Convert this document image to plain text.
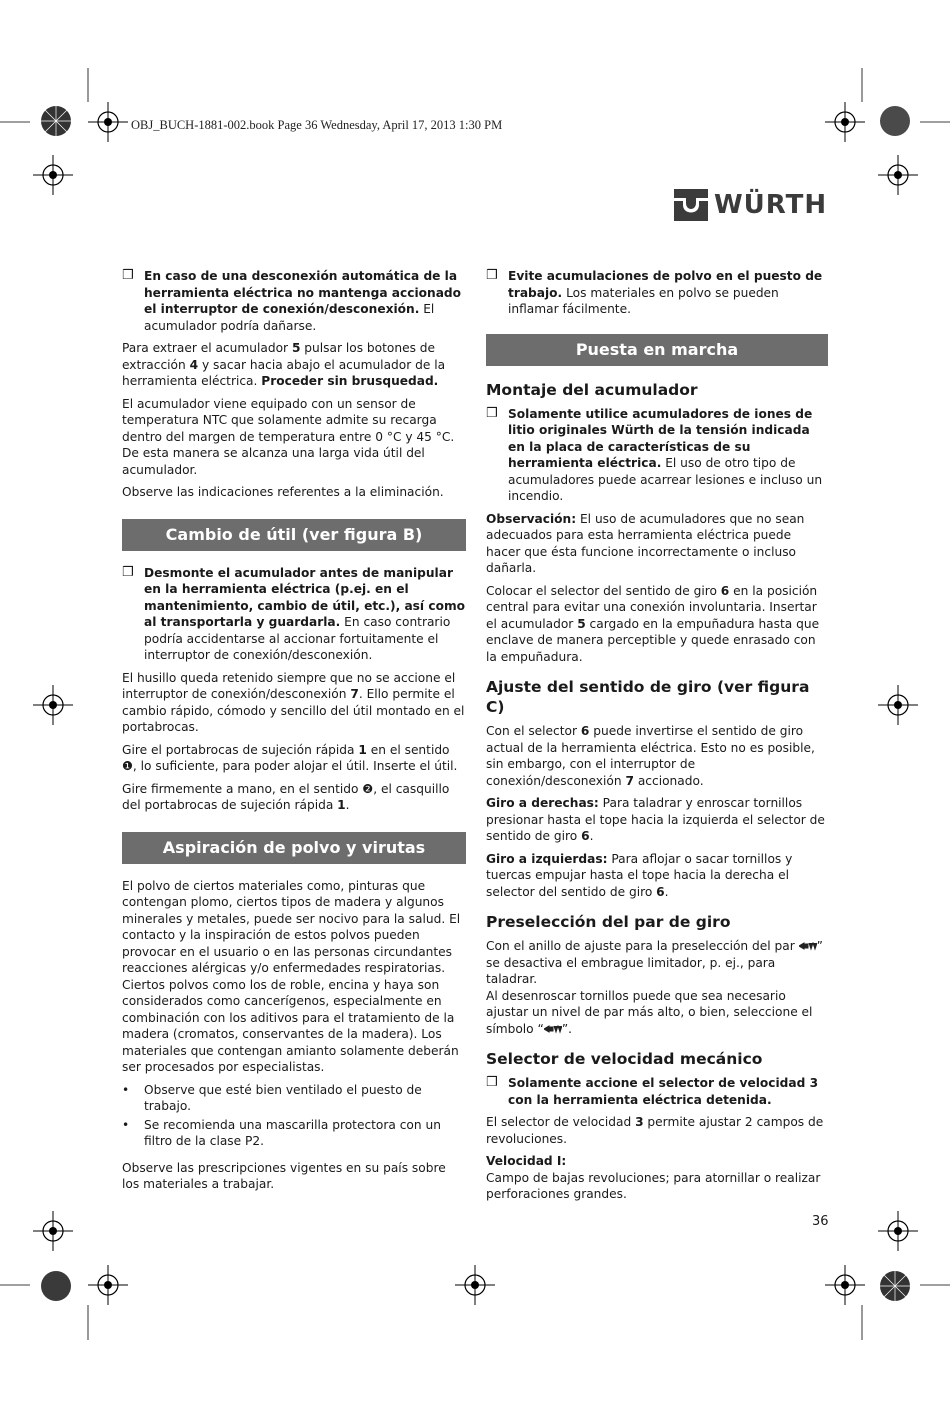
OBJ_BUCH-1881-002.book Page 36 Wednesday, April 17, 2013 1:30 PM
WÜRTH
❒ En caso de una desconexión automática de la herramienta eléctrica no mantenga accionado el interruptor de conexión/desconexión. El acumulador podría dañarse.

Para extraer el acumulador 5 pulsar los botones de extracción 4 y sacar hacia abajo el acumulador de la herramienta eléctrica. Proceder sin brusquedad.

El acumulador viene equipado con un sensor de temperatura NTC que solamente admite su recarga dentro del margen de temperatura entre 0 °C y 45 °C. De esta manera se alcanza una larga vida útil del acumulador.

Observe las indicaciones referentes a la eliminación.

Cambio de útil (ver figura B)
❒ Desmonte el acumulador antes de manipular en la herramienta eléctrica (p.ej. en el mantenimiento, cambio de útil, etc.), así como al transportarla y guardarla. En caso contrario podría accidentarse al accionar fortuitamente el interruptor de conexión/desconexión.

El husillo queda retenido siempre que no se accione el interruptor de conexión/desconexión 7. Ello permite el cambio rápido, cómodo y sencillo del útil montado en el portabrocas.

Gire el portabrocas de sujeción rápida 1 en el sentido ❶, lo suficiente, para poder alojar el útil. Inserte el útil.

Gire firmemente a mano, en el sentido ❷, el casquillo del portabrocas de sujeción rápida 1.

Aspiración de polvo y virutas

El polvo de ciertos materiales como, pinturas que contengan plomo, ciertos tipos de madera y algunos minerales y metales, puede ser nocivo para la salud. El contacto y la inspiración de estos polvos pueden provocar en el usuario o en las personas circundantes reacciones alérgicas y/o enfermedades respiratorias.

Ciertos polvos como los de roble, encina y haya son considerados como cancerígenos, especialmente en combinación con los aditivos para el tratamiento de la madera (cromatos, conservantes de la madera). Los materiales que contengan amianto solamente deberán ser procesados por especialistas.

•	Observe que esté bien ventilado el puesto de trabajo.
•	Se recomienda una mascarilla protectora con un filtro de la clase P2.

Observe las prescripciones vigentes en su país sobre los materiales a trabajar.

❒ Evite acumulaciones de polvo en el puesto de trabajo. Los materiales en polvo se pueden inflamar fácilmente.
Puesta en marcha
Montaje del acumulador
❒ Solamente utilice acumuladores de iones de litio originales Würth de la tensión indicada en la placa de características de su herramienta eléctrica. El uso de otro tipo de acumuladores puede acarrear lesiones e incluso un incendio.

Observación: El uso de acumuladores que no sean adecuados para esta herramienta eléctrica puede hacer que ésta funcione incorrectamente o incluso dañarla.

Colocar el selector del sentido de giro 6 en la posición central para evitar una conexión involuntaria. Insertar el acumulador 5 cargado en la empuñadura hasta que enclave de manera perceptible y quede enrasado con la empuñadura.

Ajuste del sentido de giro (ver figura C)

Con el selector 6 puede invertirse el sentido de giro actual de la herramienta eléctrica. Esto no es posible, sin embargo, con el interruptor de conexión/desconexión 7 accionado.

Giro a derechas: Para taladrar y enroscar tornillos presionar hasta el tope hacia la izquierda el selector de sentido de giro 6.

Giro a izquierdas: Para aflojar o sacar tornillos y tuercas empujar hasta el tope hacia la derecha el selector del sentido de giro 6.

Preselección del par de giro

Con el anillo de ajuste para la preselección del par ” se desactiva el embrague limitador, p. ej., para taladrar.

Al desenroscar tornillos puede que sea necesario ajustar un nivel de par más alto, o bien, seleccione el símbolo “ ”.

Selector de velocidad mecánico
❒ Solamente accione el selector de velocidad 3 con la herramienta eléctrica detenida.

El selector de velocidad 3 permite ajustar 2 campos de revoluciones.

Velocidad I:

Campo de bajas revoluciones; para atornillar o realizar perforaciones grandes.

36
